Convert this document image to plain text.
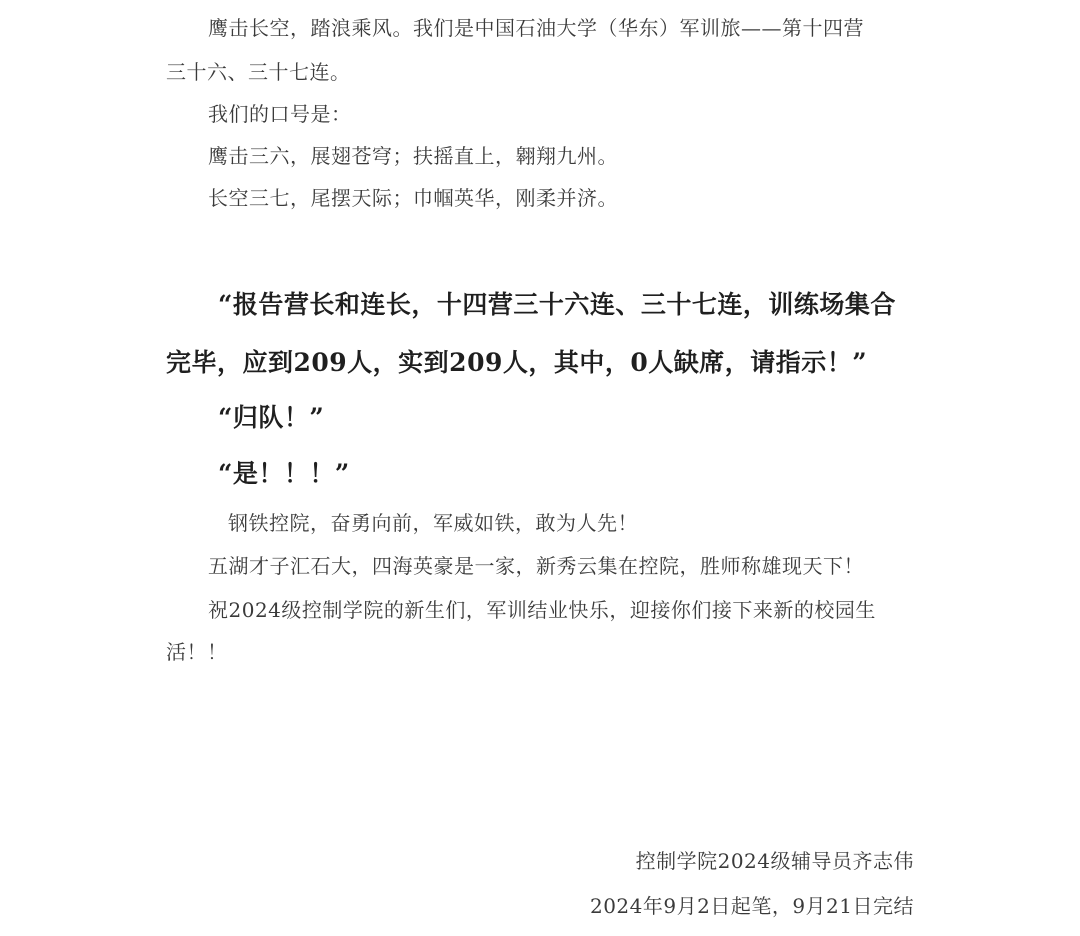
鹰击长空，踏浪乘风。我们是中国石油大学（华东）军训旅——第十四营

三十六、三十七连。

我们的口号是：

鹰击三六，展翅苍穹；扶摇直上，翱翔九州。

长空三七，尾摆天际；巾帼英华，刚柔并济。

“报告营长和连长，十四营三十六连、三十七连，训练场集合

完毕，应到209人，实到209人，其中，0人缺席，请指示！”

“归队！”

“是！！！”

钢铁控院，奋勇向前，军威如铁，敢为人先！

五湖才子汇石大，四海英豪是一家，新秀云集在控院，胜师称雄现天下！

祝2024级控制学院的新生们，军训结业快乐，迎接你们接下来新的校园生

活！！

控制学院2024级辅导员齐志伟

2024年9月2日起笔，9月21日完结
